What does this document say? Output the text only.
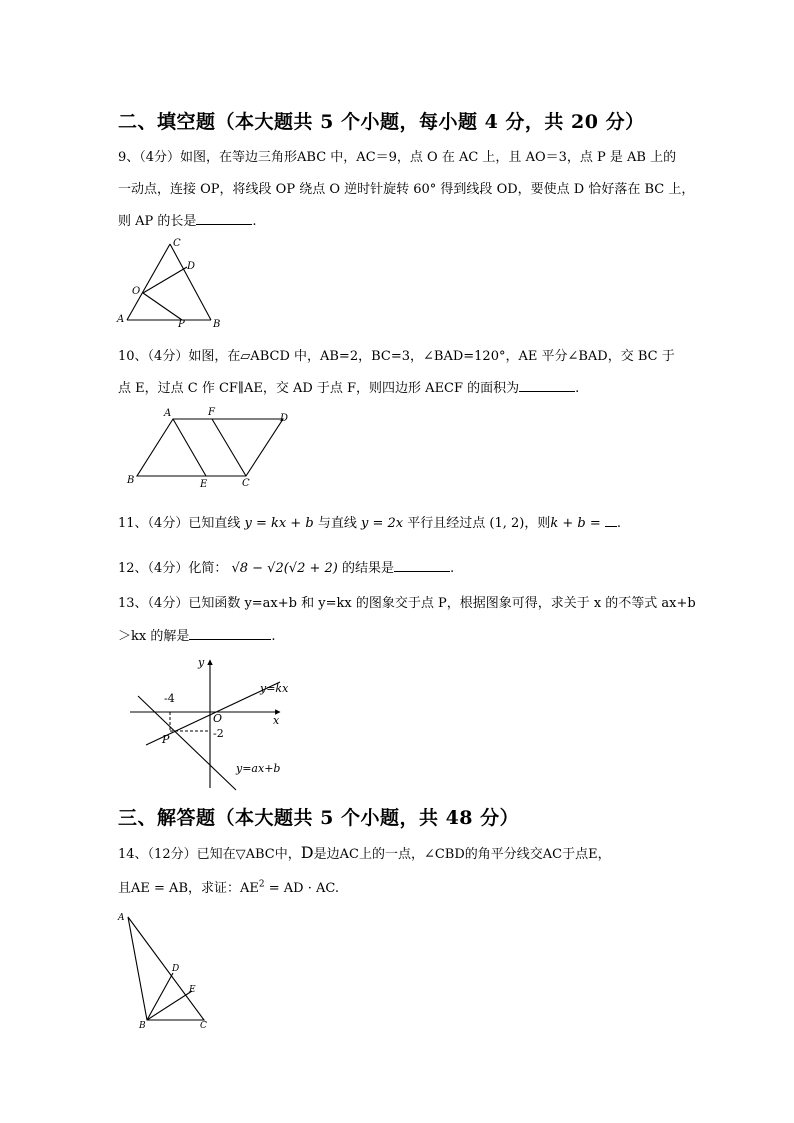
二、填空题（本大题共 5 个小题，每小题 4 分，共 20 分）
9、（4分）如图，在等边三角形ABC 中，AC＝9，点 O 在 AC 上，且 AO＝3，点 P 是 AB 上的
一动点，连接 OP，将线段 OP 绕点 O 逆时针旋转 60° 得到线段 OD，要使点 D 恰好落在 BC 上，
则 AP 的长是	.
A	B
C
D
O
P
10、（4分）如图，在▱ABCD 中，AB=2，BC=3，∠BAD=120°，AE 平分∠BAD，交 BC 于
点 E，过点 C 作 CF∥AE，交 AD 于点 F，则四边形 AECF 的面积为	.
A	F
D
B	E	C
11、（4分）已知直线 y = kx + b 与直线 y = 2x 平行且经过点 (1, 2)，则k + b = .
12、（4分）化简： √8 − √2(√2 + 2) 的结果是	.
13、（4分）已知函数 y=ax+b 和 y=kx 的图象交于点 P，根据图象可得，求关于 x 的不等式 ax+b
＞kx 的解是	.
y
x
O
P
y=kx
y=ax+b
-4
-2
三、解答题（本大题共 5 个小题，共 48 分）
14、（12分）已知在▽ABC中，D是边AC上的一点，∠CBD的角平分线交AC于点E，
且AE = AB，求证：$AE^2$ = AD · AC.
A
B	C
D
E
